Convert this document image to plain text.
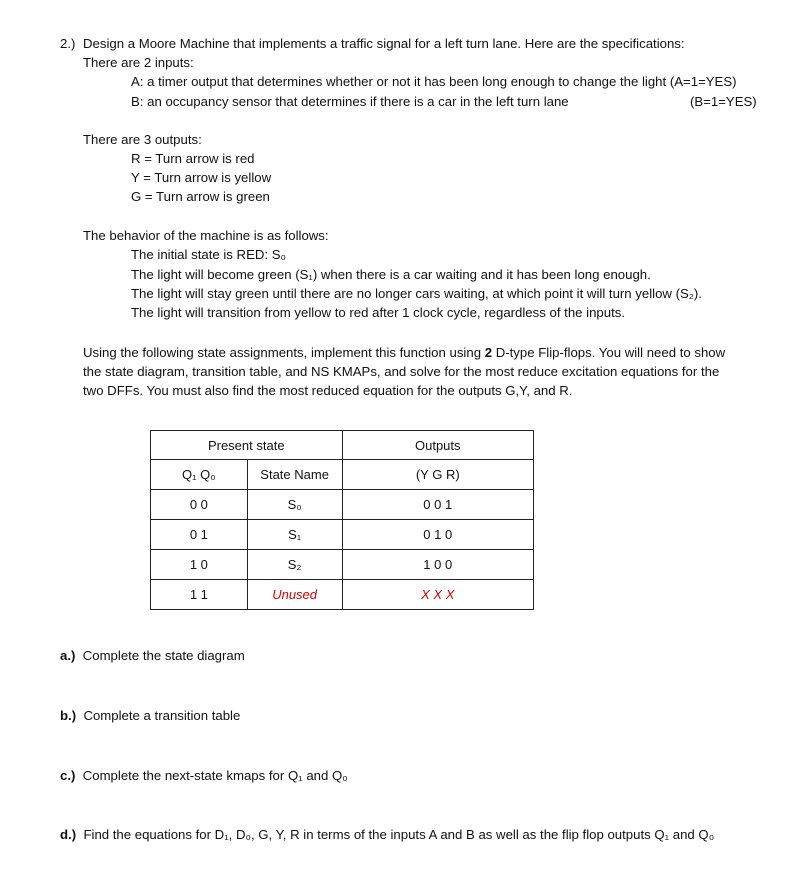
2.) Design a Moore Machine that implements a traffic signal for a left turn lane. Here are the specifications:
There are 2 inputs:
A: a timer output that determines whether or not it has been long enough to change the light (A=1=YES)
B: an occupancy sensor that determines if there is a car in the left turn lane	(B=1=YES)
There are 3 outputs:
R = Turn arrow is red
Y = Turn arrow is yellow
G = Turn arrow is green
The behavior of the machine is as follows:
The initial state is RED: S₀
The light will become green (S₁) when there is a car waiting and it has been long enough.
The light will stay green until there are no longer cars waiting, at which point it will turn yellow (S₂).
The light will transition from yellow to red after 1 clock cycle, regardless of the inputs.
Using the following state assignments, implement this function using 2 D-type Flip-flops. You will need to show
the state diagram, transition table, and NS KMAPs, and solve for the most reduce excitation equations for the
two DFFs. You must also find the most reduced equation for the outputs G,Y, and R.
Present state		Outputs
Q₁ Q₀	State Name	(Y G R)
0 0	S₀	0 0 1
0 1	S₁	0 1 0
1 0	S₂	1 0 0
1 1	Unused	X X X
a.) Complete the state diagram
b.) Complete a transition table
c.) Complete the next-state kmaps for Q₁ and Q₀
d.) Find the equations for D₁, D₀, G, Y, R in terms of the inputs A and B as well as the flip flop outputs Q₁ and Q₀
